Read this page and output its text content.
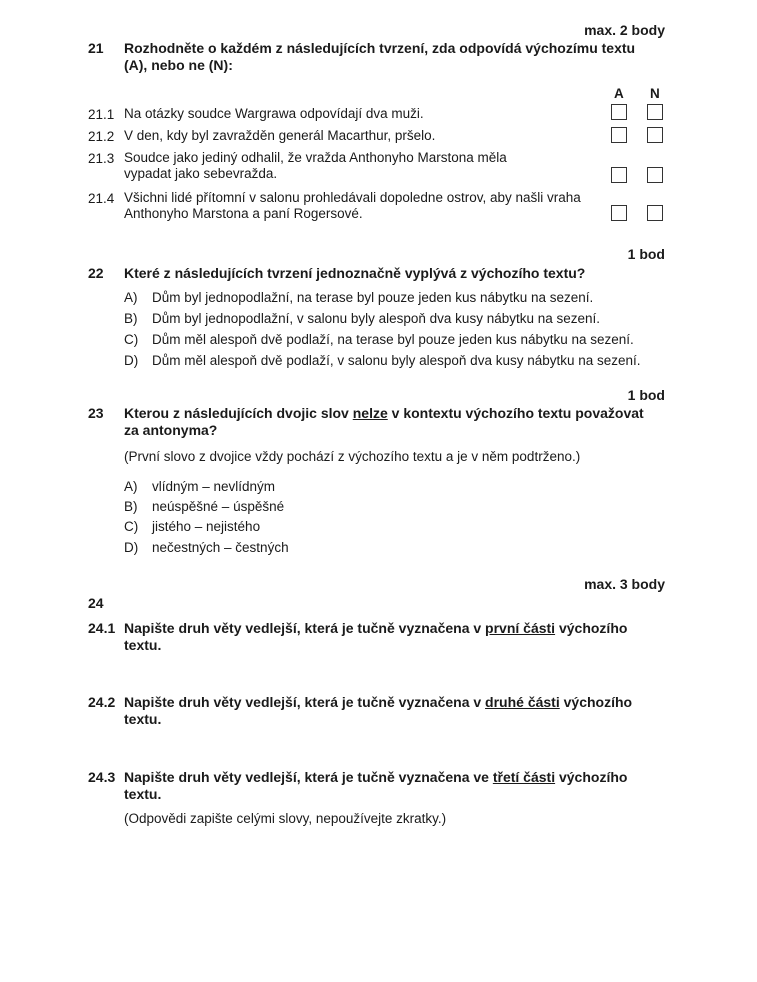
max. 2 body
21 Rozhodněte o každém z následujících tvrzení, zda odpovídá výchozímu textu (A), nebo ne (N):
A N
21.1 Na otázky soudce Wargrawa odpovídají dva muži.
21.2 V den, kdy byl zavražděn generál Macarthur, pršelo.
21.3 Soudce jako jediný odhalil, že vražda Anthonyho Marstona měla vypadat jako sebevražda.
21.4 Všichni lidé přítomní v salonu prohledávali dopoledne ostrov, aby našli vraha Anthonyho Marstona a paní Rogersové.
1 bod
22 Které z následujících tvrzení jednoznačně vyplývá z výchozího textu?
A) Dům byl jednopodlažní, na terase byl pouze jeden kus nábytku na sezení.
B) Dům byl jednopodlažní, v salonu byly alespoň dva kusy nábytku na sezení.
C) Dům měl alespoň dvě podlaží, na terase byl pouze jeden kus nábytku na sezení.
D) Dům měl alespoň dvě podlaží, v salonu byly alespoň dva kusy nábytku na sezení.
1 bod
23 Kterou z následujících dvojic slov nelze v kontextu výchozího textu považovat za antonyma?
(První slovo z dvojice vždy pochází z výchozího textu a je v něm podtrženo.)
A) vlídným – nevlídným
B) neúspěšné – úspěšné
C) jistého – nejistého
D) nečestných – čestných
max. 3 body
24
24.1 Napište druh věty vedlejší, která je tučně vyznačena v první části výchozího textu.
24.2 Napište druh věty vedlejší, která je tučně vyznačena v druhé části výchozího textu.
24.3 Napište druh věty vedlejší, která je tučně vyznačena ve třetí části výchozího textu.
(Odpovědi zapište celými slovy, nepoužívejte zkratky.)
